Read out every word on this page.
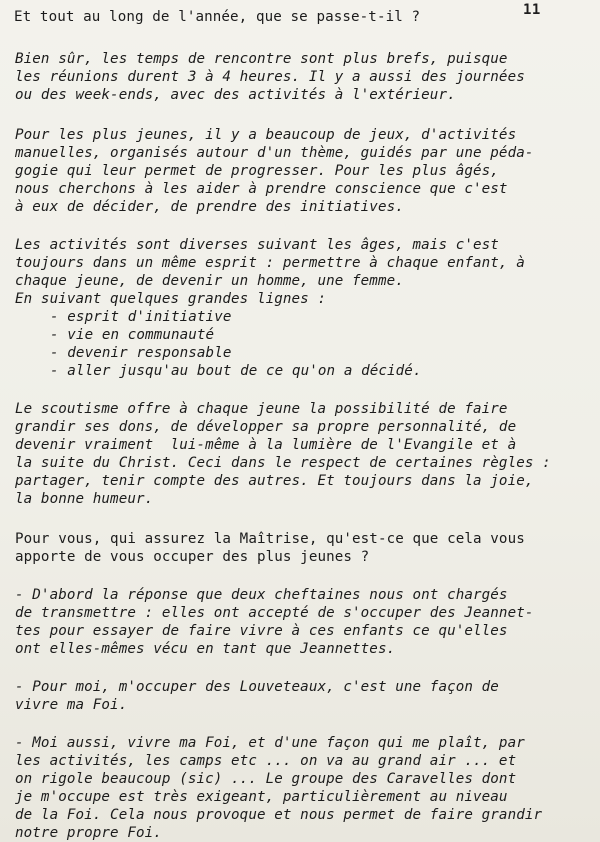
11
Et tout au long de l'année, que se passe-t-il ?
Bien sûr, les temps de rencontre sont plus brefs, puisque
les réunions durent 3 à 4 heures. Il y a aussi des journées
ou des week-ends, avec des activités à l'extérieur.
Pour les plus jeunes, il y a beaucoup de jeux, d'activités
manuelles, organisés autour d'un thème, guidés par une péda-
gogie qui leur permet de progresser. Pour les plus âgés,
nous cherchons à les aider à prendre conscience que c'est
à eux de décider, de prendre des initiatives.
Les activités sont diverses suivant les âges, mais c'est
toujours dans un même esprit : permettre à chaque enfant, à
chaque jeune, de devenir un homme, une femme.
En suivant quelques grandes lignes :
- esprit d'initiative
- vie en communauté
- devenir responsable
- aller jusqu'au bout de ce qu'on a décidé.
Le scoutisme offre à chaque jeune la possibilité de faire
grandir ses dons, de développer sa propre personnalité, de
devenir vraiment  lui-même à la lumière de l'Evangile et à
la suite du Christ. Ceci dans le respect de certaines règles :
partager, tenir compte des autres. Et toujours dans la joie,
la bonne humeur.
Pour vous, qui assurez la Maîtrise, qu'est-ce que cela vous
apporte de vous occuper des plus jeunes ?
- D'abord la réponse que deux cheftaines nous ont chargés
de transmettre : elles ont accepté de s'occuper des Jeannet-
tes pour essayer de faire vivre à ces enfants ce qu'elles
ont elles-mêmes vécu en tant que Jeannettes.
- Pour moi, m'occuper des Louveteaux, c'est une façon de
vivre ma Foi.
- Moi aussi, vivre ma Foi, et d'une façon qui me plaît, par
les activités, les camps etc ... on va au grand air ... et
on rigole beaucoup (sic) ... Le groupe des Caravelles dont
je m'occupe est très exigeant, particulièrement au niveau
de la Foi. Cela nous provoque et nous permet de faire grandir
notre propre Foi.
